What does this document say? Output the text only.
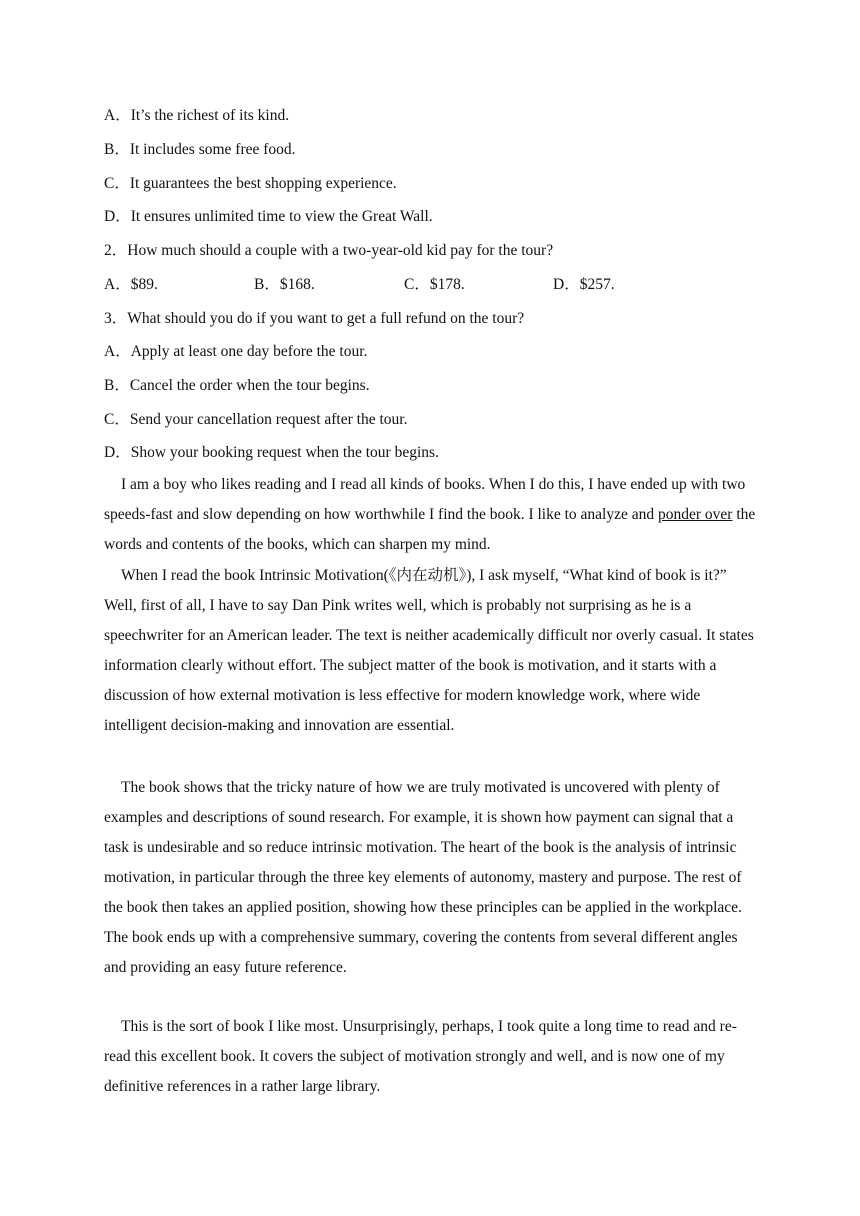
A．It’s the richest of its kind.
B．It includes some free food.
C．It guarantees the best shopping experience.
D．It ensures unlimited time to view the Great Wall.
2．How much should a couple with a two-year-old kid pay for the tour?
A．$89.	B．$168.	C．$178.	D．$257.
3．What should you do if you want to get a full refund on the tour?
A．Apply at least one day before the tour.
B．Cancel the order when the tour begins.
C．Send your cancellation request after the tour.
D．Show your booking request when the tour begins.

I am a boy who likes reading and I read all kinds of books. When I do this, I have ended up with two speeds-fast and slow depending on how worthwhile I find the book. I like to analyze and ponder over the words and contents of the books, which can sharpen my mind.

When I read the book Intrinsic Motivation(《内在动机》), I ask myself, “What kind of book is it?” Well, first of all, I have to say Dan Pink writes well, which is probably not surprising as he is a speechwriter for an American leader. The text is neither academically difficult nor overly casual. It states information clearly without effort. The subject matter of the book is motivation, and it starts with a discussion of how external motivation is less effective for modern knowledge work, where wide intelligent decision-making and innovation are essential.

The book shows that the tricky nature of how we are truly motivated is uncovered with plenty of examples and descriptions of sound research. For example, it is shown how payment can signal that a task is undesirable and so reduce intrinsic motivation. The heart of the book is the analysis of intrinsic motivation, in particular through the three key elements of autonomy, mastery and purpose. The rest of the book then takes an applied position, showing how these principles can be applied in the workplace. The book ends up with a comprehensive summary, covering the contents from several different angles and providing an easy future reference.

This is the sort of book I like most. Unsurprisingly, perhaps, I took quite a long time to read and re-read this excellent book. It covers the subject of motivation strongly and well, and is now one of my definitive references in a rather large library.
